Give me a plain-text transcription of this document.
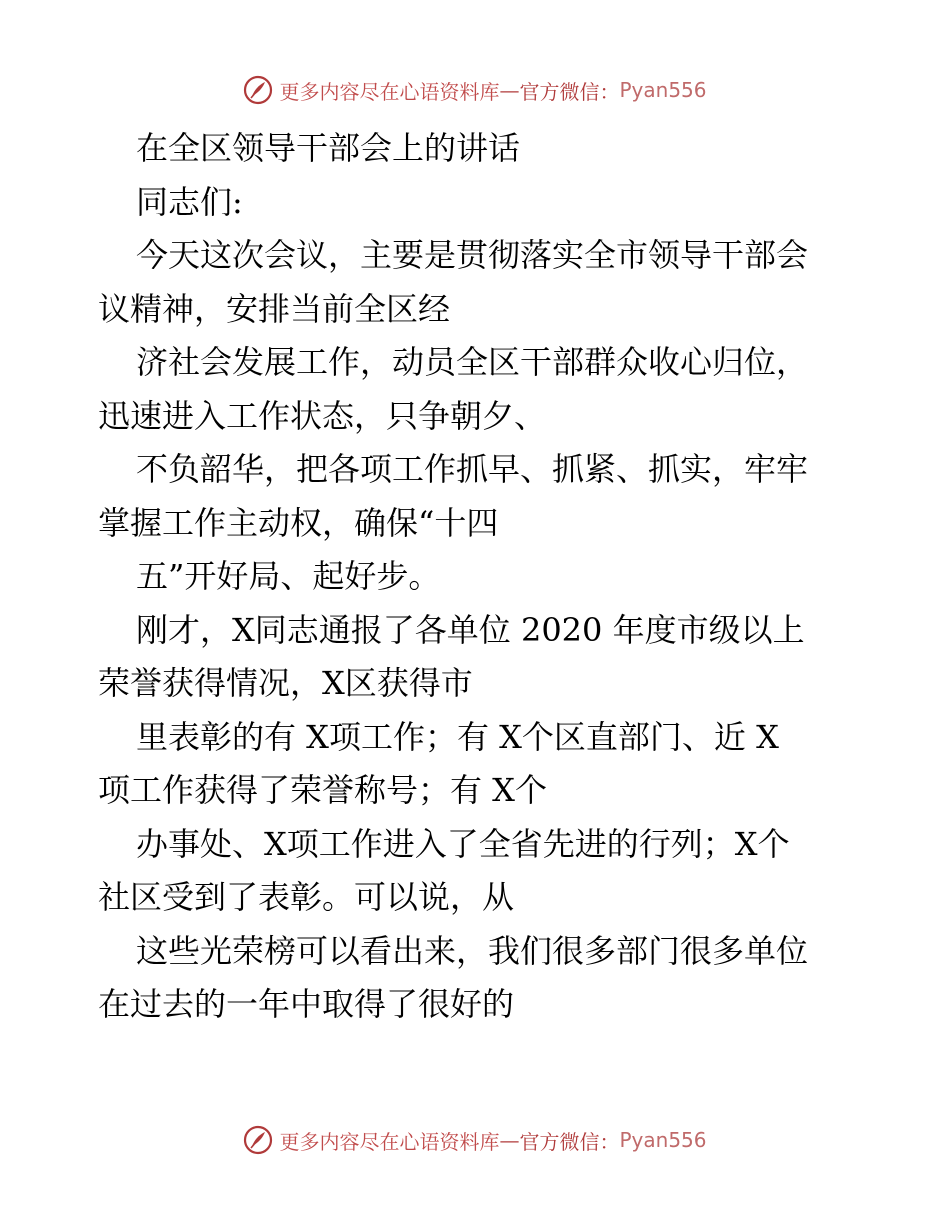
更多内容尽在心语资料库 — 官方微信： Pyan556
在全区领导干部会上的讲话
同志们:
今天这次会议，主要是贯彻落实全市领导干部会
议精神，安排当前全区经
济社会发展工作，动员全区干部群众收心归位，
迅速进入工作状态，只争朝夕、
不负韶华，把各项工作抓早、抓紧、抓实，牢牢
掌握工作主动权，确保“十四
五”开好局、起好步。
刚才，X同志通报了各单位 2020 年度市级以上
荣誉获得情况，X区获得市
里表彰的有 X项工作；有 X个区直部门、近 X
项工作获得了荣誉称号；有 X个
办事处、X项工作进入了全省先进的行列；X个
社区受到了表彰。可以说，从
这些光荣榜可以看出来，我们很多部门很多单位
在过去的一年中取得了很好的
更多内容尽在心语资料库 — 官方微信： Pyan556
